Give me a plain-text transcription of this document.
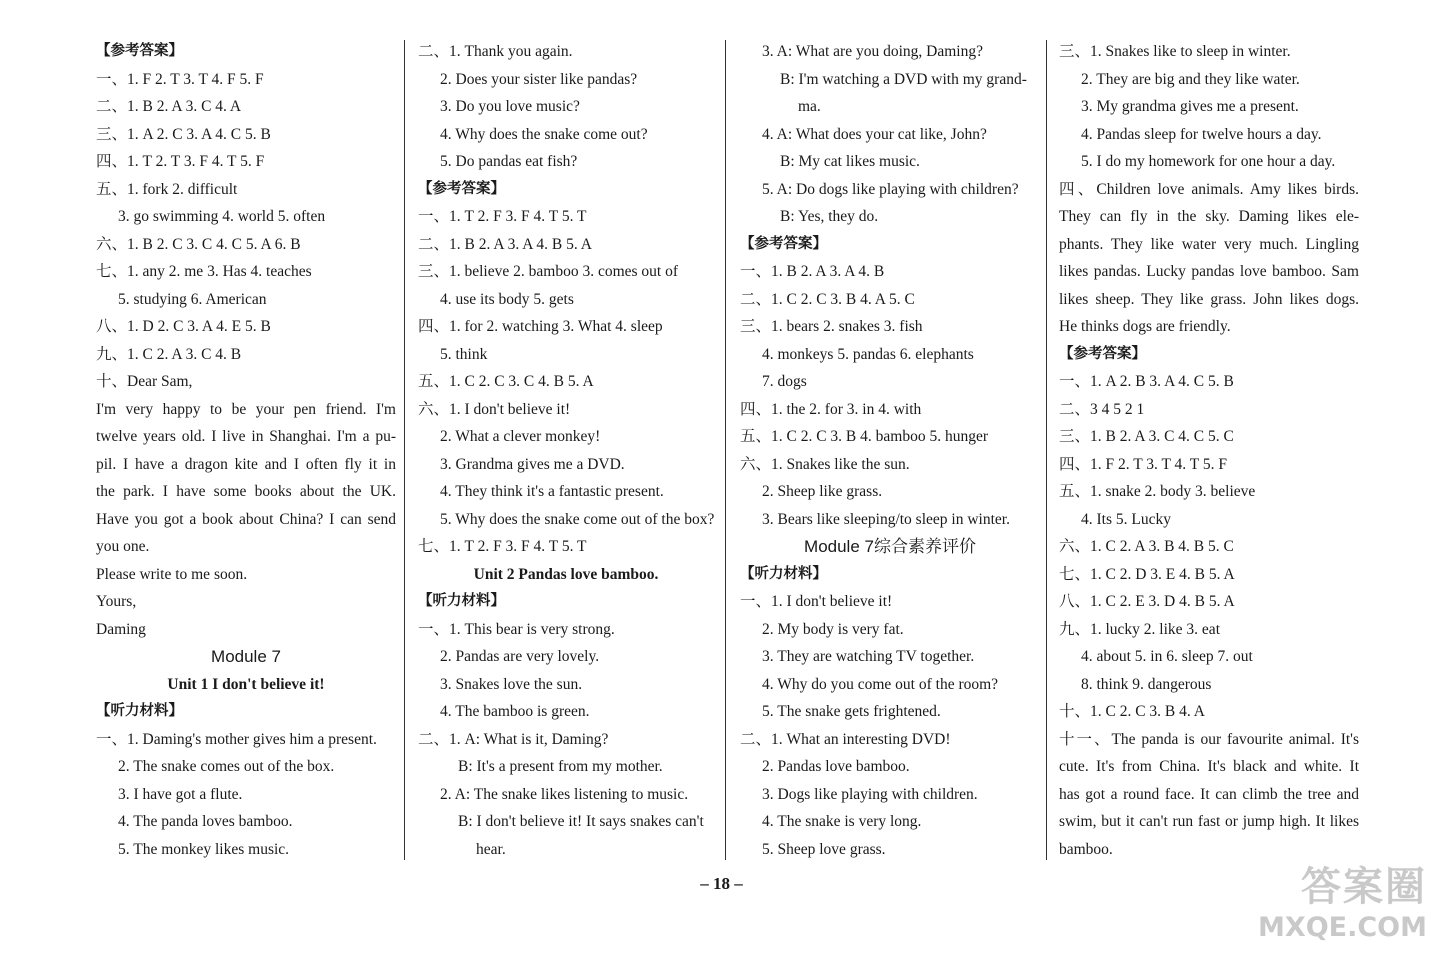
【参考答案】
一、1. F 2. T 3. T 4. F 5. F
二、1. B 2. A 3. C 4. A
三、1. A 2. C 3. A 4. C 5. B
四、1. T 2. T 3. F 4. T 5. F
五、1. fork 2. difficult
3. go swimming 4. world 5. often
六、1. B 2. C 3. C 4. C 5. A 6. B
七、1. any 2. me 3. Has 4. teaches
5. studying 6. American
八、1. D 2. C 3. A 4. E 5. B
九、1. C 2. A 3. C 4. B
十、Dear Sam,
I'm very happy to be your pen friend. I'm
twelve years old. I live in Shanghai. I'm a pu-
pil. I have a dragon kite and I often fly it in
the park. I have some books about the UK.
Have you got a book about China? I can send
you one.
Please write to me soon.
Yours,
Daming
Module 7
Unit 1 I don't believe it!
【听力材料】
一、1. Daming's mother gives him a present.
2. The snake comes out of the box.
3. I have got a flute.
4. The panda loves bamboo.
5. The monkey likes music.
二、1. Thank you again.
2. Does your sister like pandas?
3. Do you love music?
4. Why does the snake come out?
5. Do pandas eat fish?
【参考答案】
一、1. T 2. F 3. F 4. T 5. T
二、1. B 2. A 3. A 4. B 5. A
三、1. believe 2. bamboo 3. comes out of
4. use its body 5. gets
四、1. for 2. watching 3. What 4. sleep
5. think
五、1. C 2. C 3. C 4. B 5. A
六、1. I don't believe it!
2. What a clever monkey!
3. Grandma gives me a DVD.
4. They think it's a fantastic present.
5. Why does the snake come out of the box?
七、1. T 2. F 3. F 4. T 5. T
Unit 2 Pandas love bamboo.
【听力材料】
一、1. This bear is very strong.
2. Pandas are very lovely.
3. Snakes love the sun.
4. The bamboo is green.
二、1. A: What is it, Daming?
B: It's a present from my mother.
2. A: The snake likes listening to music.
B: I don't believe it! It says snakes can't
hear.
3. A: What are you doing, Daming?
B: I'm watching a DVD with my grand-
ma.
4. A: What does your cat like, John?
B: My cat likes music.
5. A: Do dogs like playing with children?
B: Yes, they do.
【参考答案】
一、1. B 2. A 3. A 4. B
二、1. C 2. C 3. B 4. A 5. C
三、1. bears 2. snakes 3. fish
4. monkeys 5. pandas 6. elephants
7. dogs
四、1. the 2. for 3. in 4. with
五、1. C 2. C 3. B 4. bamboo 5. hunger
六、1. Snakes like the sun.
2. Sheep like grass.
3. Bears like sleeping/to sleep in winter.
Module 7综合素养评价
【听力材料】
一、1. I don't believe it!
2. My body is very fat.
3. They are watching TV together.
4. Why do you come out of the room?
5. The snake gets frightened.
二、1. What an interesting DVD!
2. Pandas love bamboo.
3. Dogs like playing with children.
4. The snake is very long.
5. Sheep love grass.
三、1. Snakes like to sleep in winter.
2. They are big and they like water.
3. My grandma gives me a present.
4. Pandas sleep for twelve hours a day.
5. I do my homework for one hour a day.
四、Children love animals. Amy likes birds.
They can fly in the sky. Daming likes ele-
phants. They like water very much. Lingling
likes pandas. Lucky pandas love bamboo. Sam
likes sheep. They like grass. John likes dogs.
He thinks dogs are friendly.
【参考答案】
一、1. A 2. B 3. A 4. C 5. B
二、3 4 5 2 1
三、1. B 2. A 3. C 4. C 5. C
四、1. F 2. T 3. T 4. T 5. F
五、1. snake 2. body 3. believe
4. Its 5. Lucky
六、1. C 2. A 3. B 4. B 5. C
七、1. C 2. D 3. E 4. B 5. A
八、1. C 2. E 3. D 4. B 5. A
九、1. lucky 2. like 3. eat
4. about 5. in 6. sleep 7. out
8. think 9. dangerous
十、1. C 2. C 3. B 4. A
十一、The panda is our favourite animal. It's
cute. It's from China. It's black and white. It
has got a round face. It can climb the tree and
swim, but it can't run fast or jump high. It likes
bamboo.
– 18 –	答案圈
MXQE.COM
